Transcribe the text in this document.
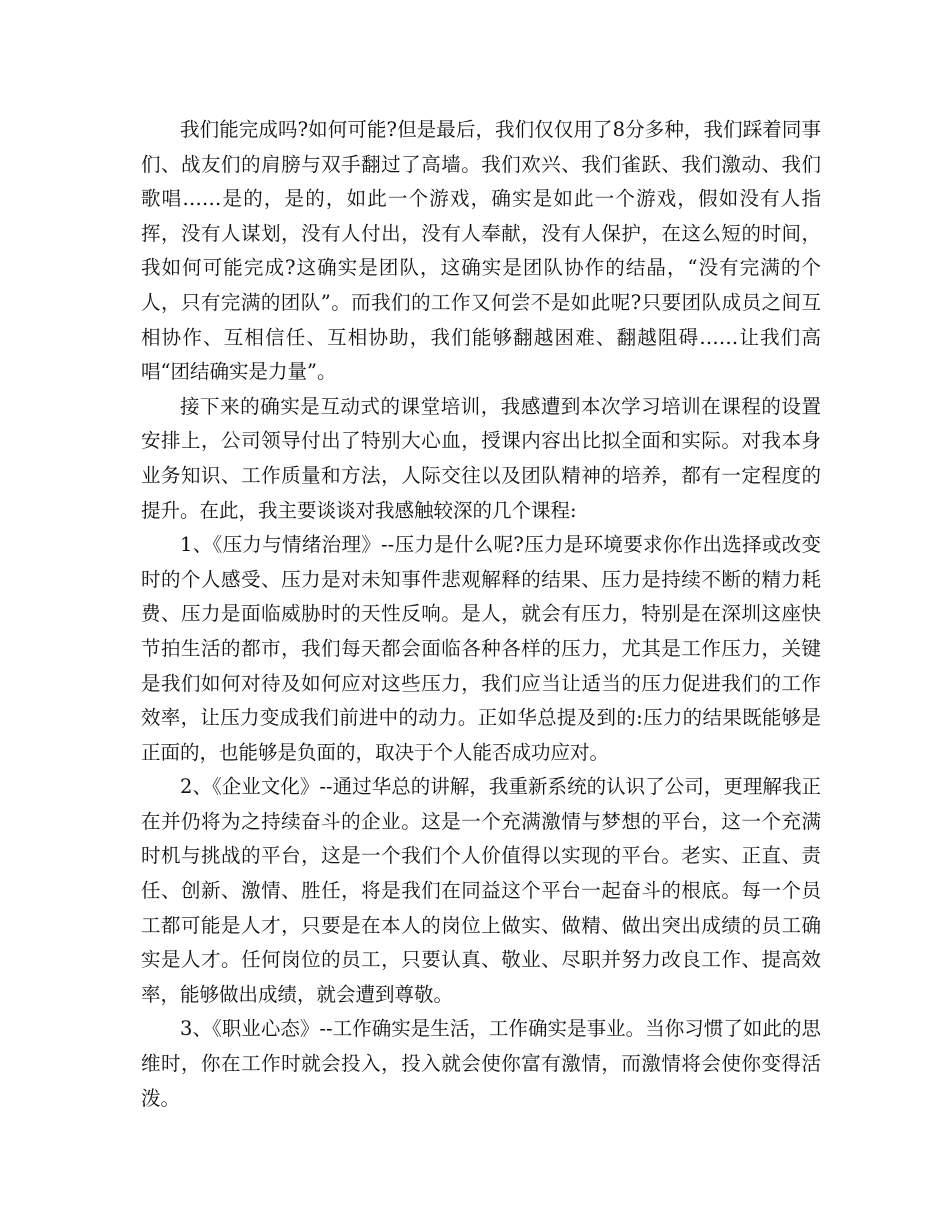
我们能完成吗?如何可能?但是最后，我们仅仅用了8分多种，我们踩着同事们、战友们的肩膀与双手翻过了高墙。我们欢兴、我们雀跃、我们激动、我们歌唱……是的，是的，如此一个游戏，确实是如此一个游戏，假如没有人指挥，没有人谋划，没有人付出，没有人奉献，没有人保护，在这么短的时间，我如何可能完成?这确实是团队，这确实是团队协作的结晶，“没有完满的个人，只有完满的团队”。而我们的工作又何尝不是如此呢?只要团队成员之间互相协作、互相信任、互相协助，我们能够翻越困难、翻越阻碍……让我们高唱“团结确实是力量”。

接下来的确实是互动式的课堂培训，我感遭到本次学习培训在课程的设置安排上，公司领导付出了特别大心血，授课内容出比拟全面和实际。对我本身业务知识、工作质量和方法，人际交往以及团队精神的培养，都有一定程度的提升。在此，我主要谈谈对我感触较深的几个课程:

1、《压力与情绪治理》--压力是什么呢?压力是环境要求你作出选择或改变时的个人感受、压力是对未知事件悲观解释的结果、压力是持续不断的精力耗费、压力是面临威胁时的天性反响。是人，就会有压力，特别是在深圳这座快节拍生活的都市，我们每天都会面临各种各样的压力，尤其是工作压力，关键是我们如何对待及如何应对这些压力，我们应当让适当的压力促进我们的工作效率，让压力变成我们前进中的动力。正如华总提及到的:压力的结果既能够是正面的，也能够是负面的，取决于个人能否成功应对。

2、《企业文化》--通过华总的讲解，我重新系统的认识了公司，更理解我正在并仍将为之持续奋斗的企业。这是一个充满激情与梦想的平台，这一个充满时机与挑战的平台，这是一个我们个人价值得以实现的平台。老实、正直、责任、创新、激情、胜任，将是我们在同益这个平台一起奋斗的根底。每一个员工都可能是人才，只要是在本人的岗位上做实、做精、做出突出成绩的员工确实是人才。任何岗位的员工，只要认真、敬业、尽职并努力改良工作、提高效率，能够做出成绩，就会遭到尊敬。

3、《职业心态》--工作确实是生活，工作确实是事业。当你习惯了如此的思维时，你在工作时就会投入，投入就会使你富有激情，而激情将会使你变得活泼。
